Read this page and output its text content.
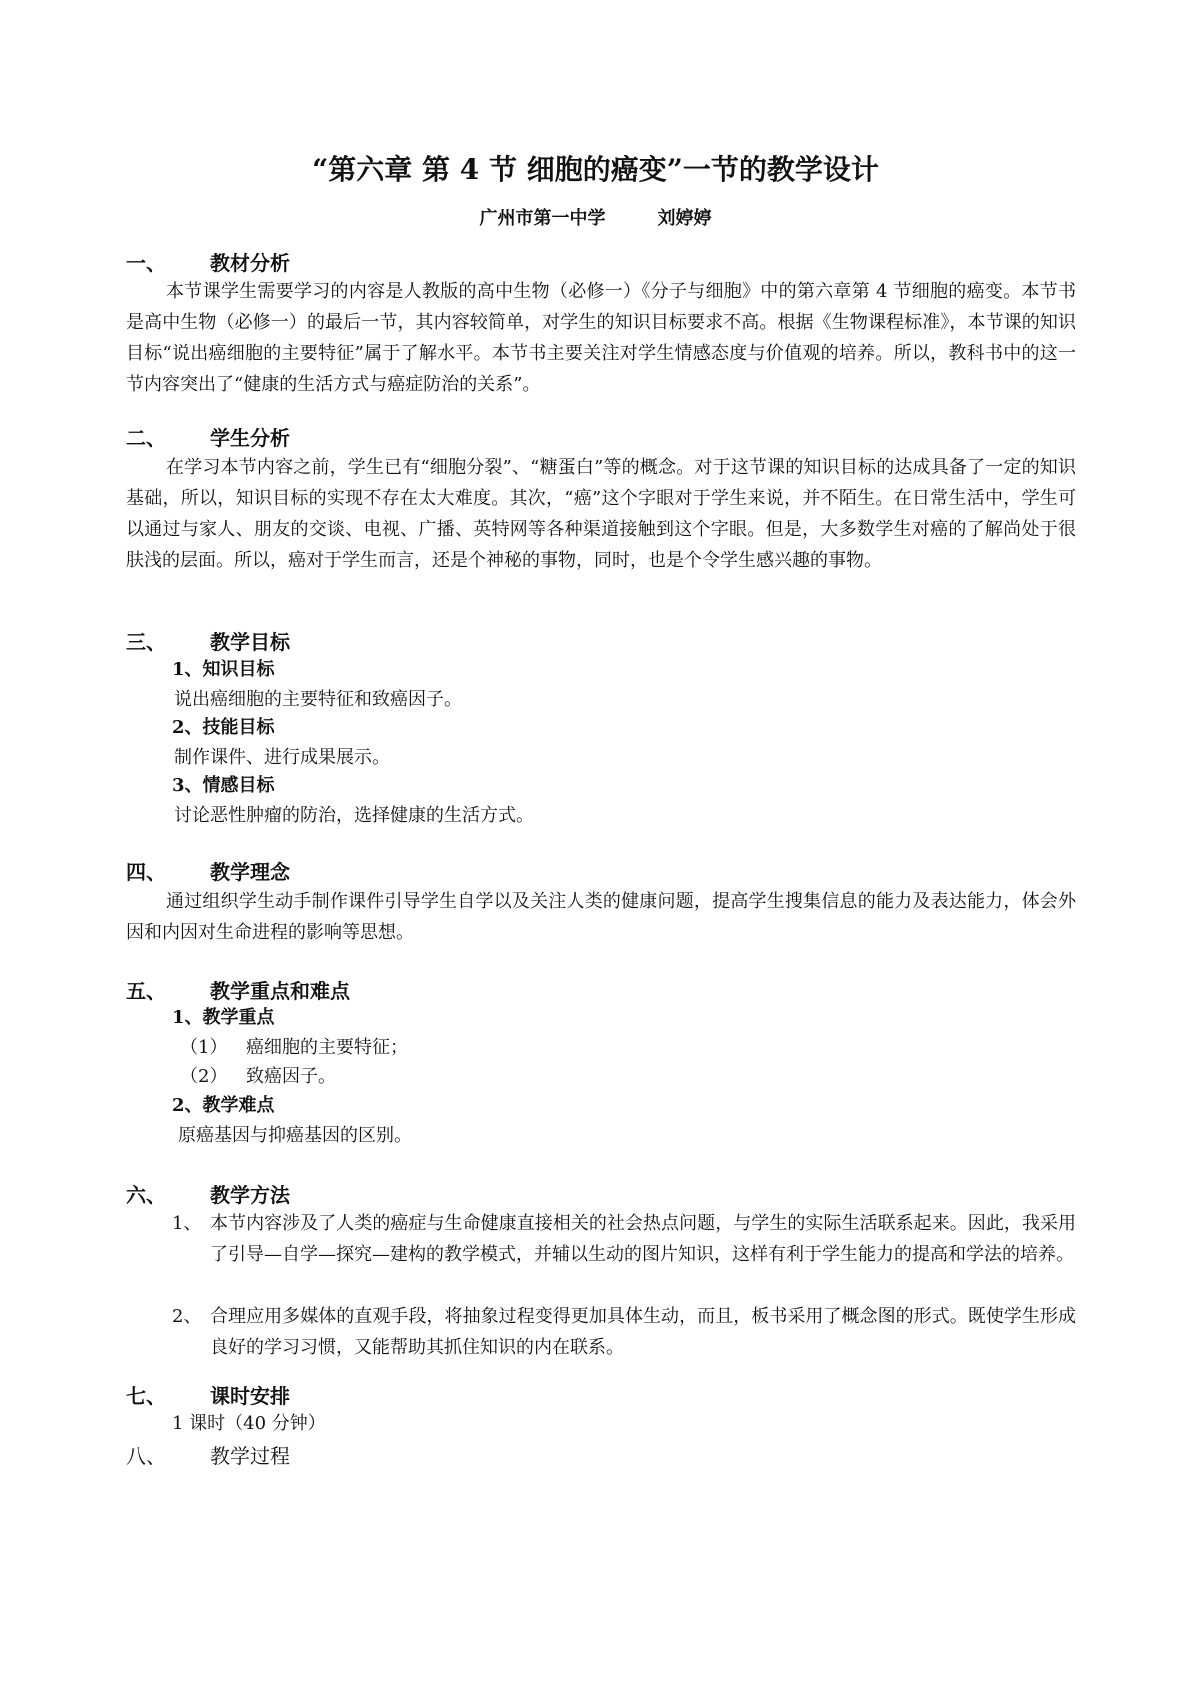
“第六章 第 4 节 细胞的癌变”一节的教学设计
广州市第一中学	刘婷婷
一、 教材分析
本节课学生需要学习的内容是人教版的高中生物（必修一）《分子与细胞》中的第六章第 4 节细胞的癌变。本节书是高中生物（必修一）的最后一节，其内容较简单，对学生的知识目标要求不高。根据《生物课程标准》，本节课的知识目标“说出癌细胞的主要特征”属于了解水平。本节书主要关注对学生情感态度与价值观的培养。所以，教科书中的这一节内容突出了“健康的生活方式与癌症防治的关系”。
二、 学生分析
在学习本节内容之前，学生已有“细胞分裂”、“糖蛋白”等的概念。对于这节课的知识目标的达成具备了一定的知识基础，所以，知识目标的实现不存在太大难度。其次，“癌”这个字眼对于学生来说，并不陌生。在日常生活中，学生可以通过与家人、朋友的交谈、电视、广播、英特网等各种渠道接触到这个字眼。但是，大多数学生对癌的了解尚处于很肤浅的层面。所以，癌对于学生而言，还是个神秘的事物，同时，也是个令学生感兴趣的事物。
三、 教学目标
1、知识目标
说出癌细胞的主要特征和致癌因子。
2、技能目标
制作课件、进行成果展示。
3、情感目标
讨论恶性肿瘤的防治，选择健康的生活方式。
四、 教学理念
通过组织学生动手制作课件引导学生自学以及关注人类的健康问题，提高学生搜集信息的能力及表达能力，体会外因和内因对生命进程的影响等思想。
五、 教学重点和难点
1、教学重点
（1） 癌细胞的主要特征；
（2） 致癌因子。
2、教学难点
原癌基因与抑癌基因的区别。
六、 教学方法
1、 本节内容涉及了人类的癌症与生命健康直接相关的社会热点问题，与学生的实际生活联系起来。因此，我采用了引导—自学—探究—建构的教学模式，并辅以生动的图片知识，这样有利于学生能力的提高和学法的培养。
2、 合理应用多媒体的直观手段，将抽象过程变得更加具体生动，而且，板书采用了概念图的形式。既使学生形成良好的学习习惯，又能帮助其抓住知识的内在联系。
七、 课时安排
1 课时（40 分钟）
八、 教学过程
